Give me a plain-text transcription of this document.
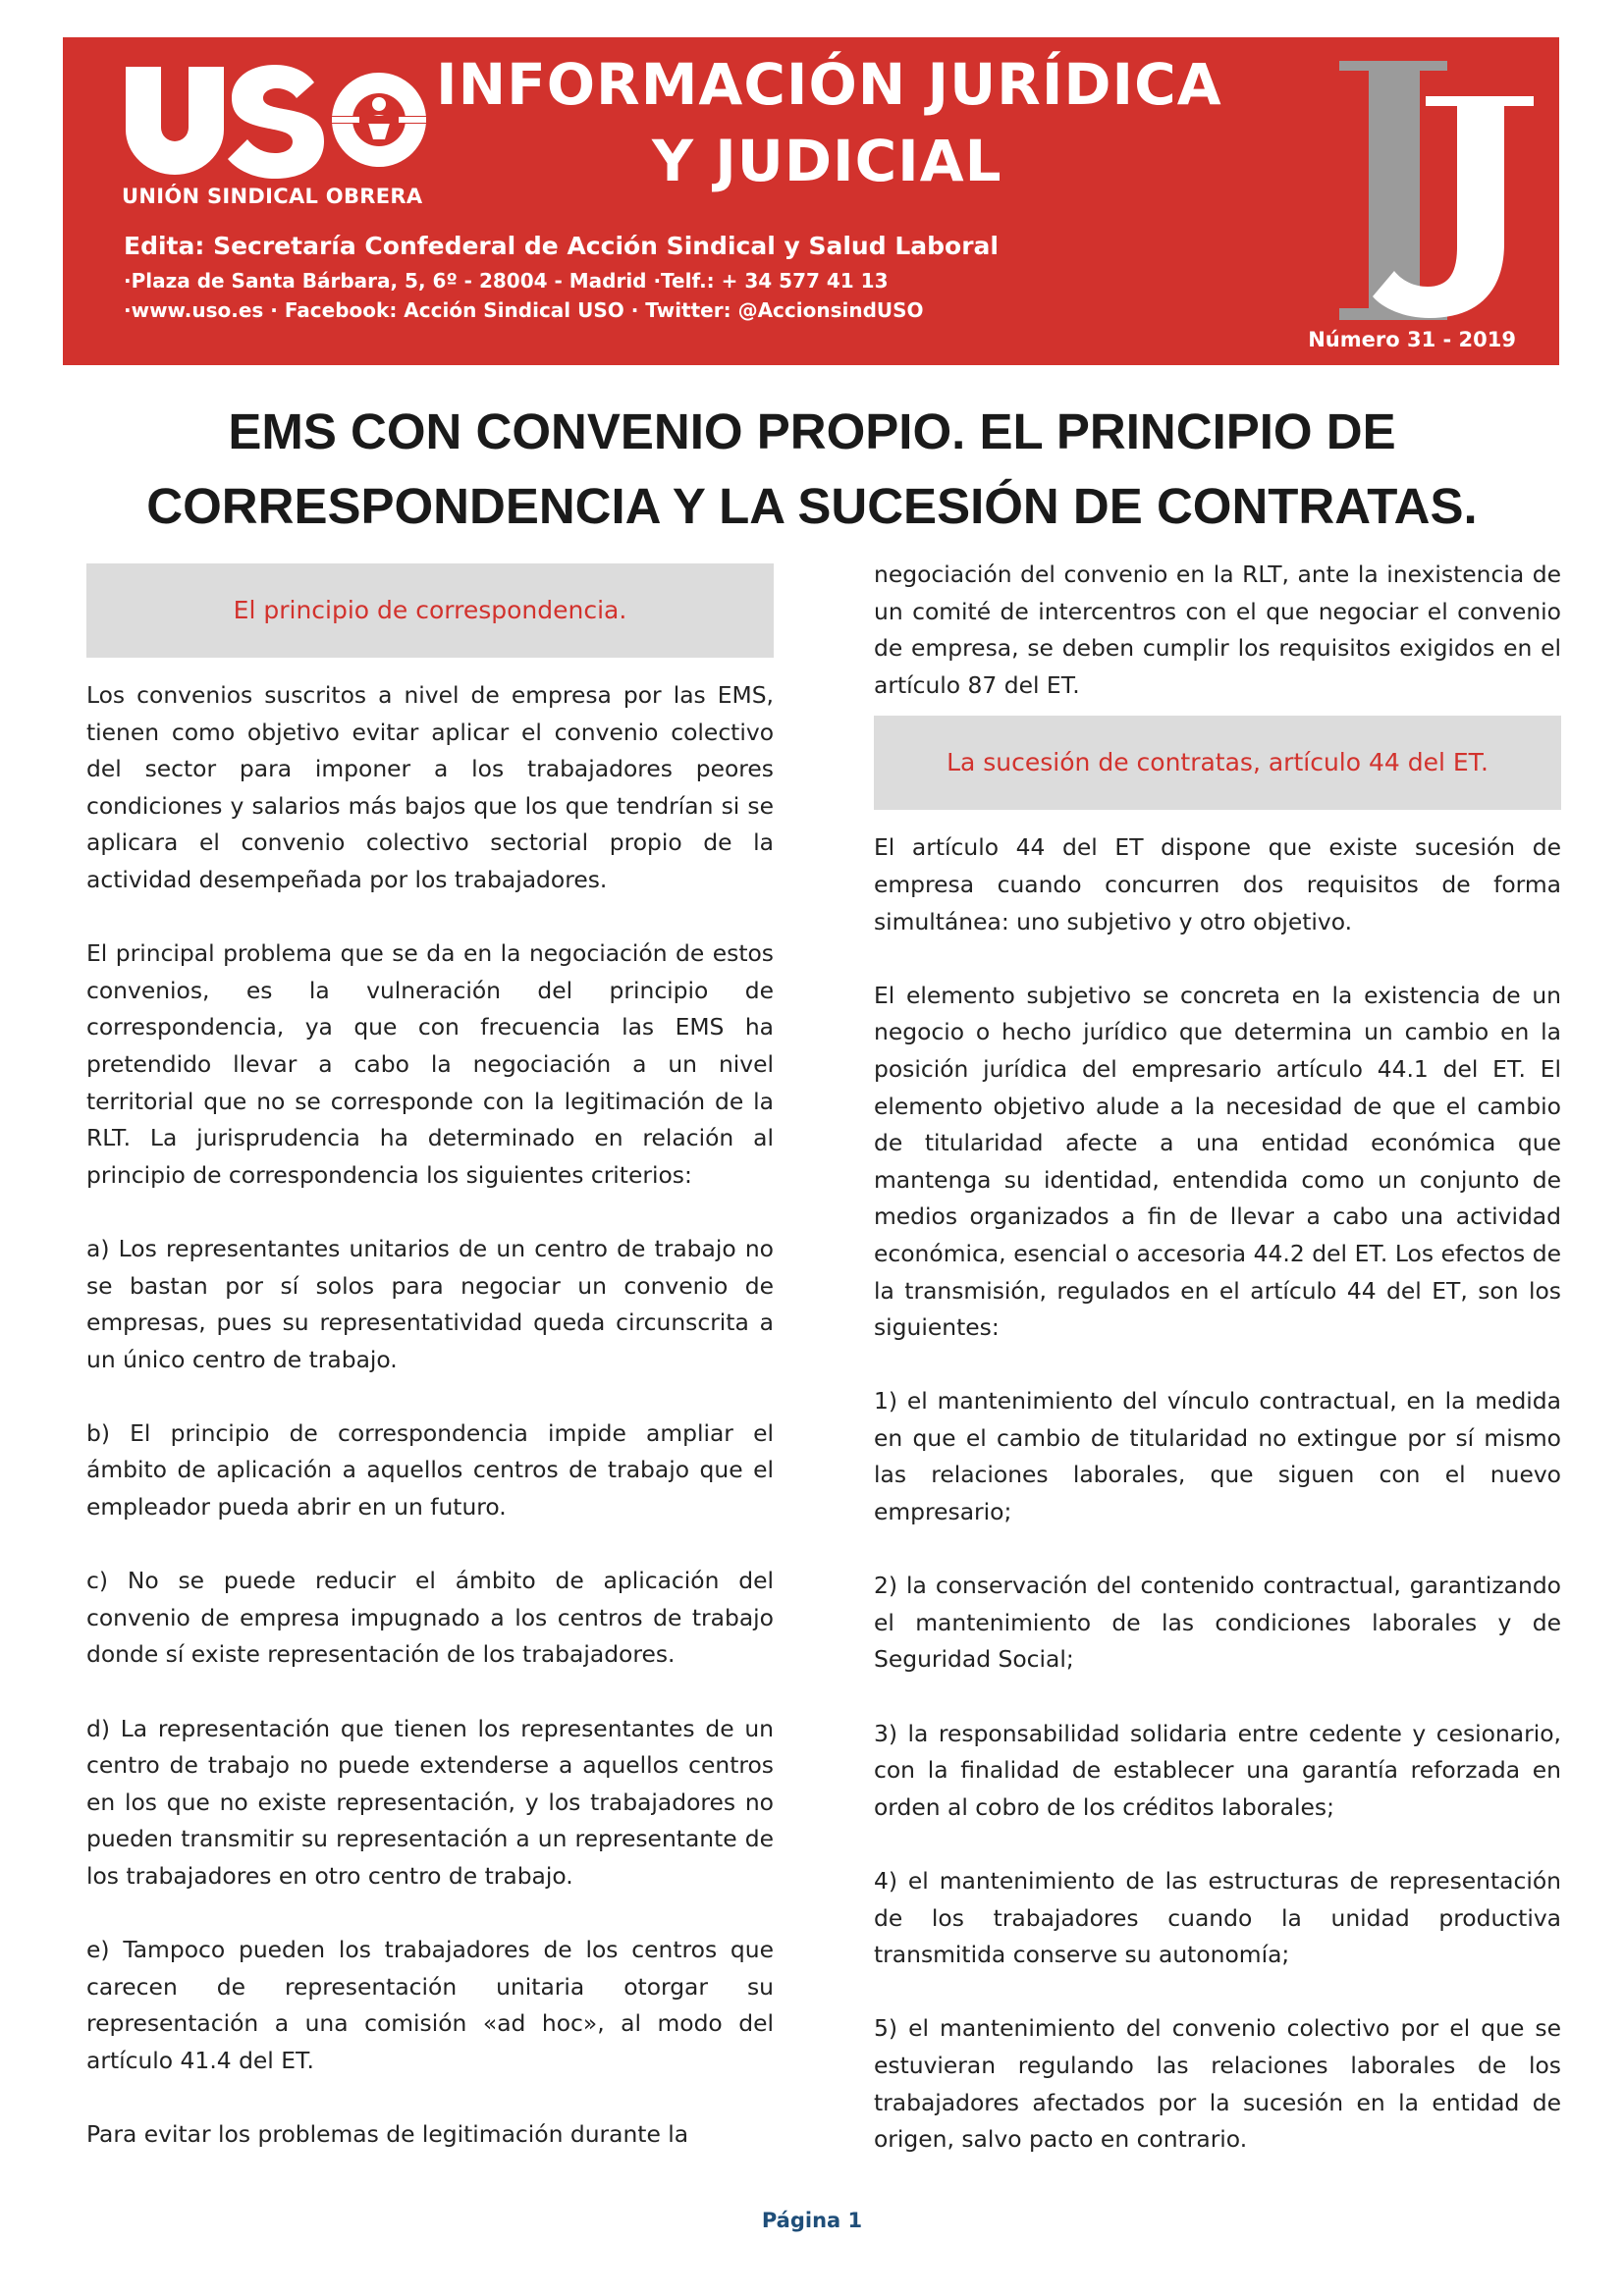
UNIÓN SINDICAL OBRERA
INFORMACIÓN JURÍDICA
Y JUDICIAL
Edita: Secretaría Confederal de Acción Sindical y Salud Laboral
·Plaza de Santa Bárbara, 5, 6º - 28004 - Madrid ·Telf.: + 34 577 41 13
·www.uso.es · Facebook: Acción Sindical USO · Twitter: @AccionsindUSO
Número 31 - 2019
EMS CON CONVENIO PROPIO. EL PRINCIPIO DE
CORRESPONDENCIA Y LA SUCESIÓN DE CONTRATAS.
El principio de correspondencia.

Los convenios suscritos a nivel de empresa por las EMS, tienen como objetivo evitar aplicar el convenio colectivo del sector para imponer a los trabajadores peores condiciones y salarios más bajos que los que tendrían si se aplicara el convenio colectivo sectorial propio de la actividad desempeñada por los trabajadores.

El principal problema que se da en la negociación de estos convenios, es la vulneración del principio de correspondencia, ya que con frecuencia las EMS ha pretendido llevar a cabo la negociación a un nivel territorial que no se corresponde con la legitimación de la RLT. La jurisprudencia ha determinado en relación al principio de correspondencia los siguientes criterios:

a) Los representantes unitarios de un centro de trabajo no se bastan por sí solos para negociar un convenio de empresas, pues su representatividad queda circunscrita a un único centro de trabajo.

b) El principio de correspondencia impide ampliar el ámbito de aplicación a aquellos centros de trabajo que el empleador pueda abrir en un futuro.

c) No se puede reducir el ámbito de aplicación del convenio de empresa impugnado a los centros de trabajo donde sí existe representación de los trabajadores.

d) La representación que tienen los representantes de un centro de trabajo no puede extenderse a aquellos centros en los que no existe representación, y los trabajadores no pueden transmitir su representación a un representante de los trabajadores en otro centro de trabajo.

e) Tampoco pueden los trabajadores de los centros que carecen de representación unitaria otorgar su representación a una comisión «ad hoc», al modo del artículo 41.4 del ET.

Para evitar los problemas de legitimación durante la

negociación del convenio en la RLT, ante la inexistencia de un comité de intercentros con el que negociar el convenio de empresa, se deben cumplir los requisitos exigidos en el artículo 87 del ET.

La sucesión de contratas, artículo 44 del ET.

El artículo 44 del ET dispone que existe sucesión de empresa cuando concurren dos requisitos de forma simultánea: uno subjetivo y otro objetivo.

El elemento subjetivo se concreta en la existencia de un negocio o hecho jurídico que determina un cambio en la posición jurídica del empresario artículo 44.1 del ET. El elemento objetivo alude a la necesidad de que el cambio de titularidad afecte a una entidad económica que mantenga su identidad, entendida como un conjunto de medios organizados a fin de llevar a cabo una actividad económica, esencial o accesoria 44.2 del ET. Los efectos de la transmisión, regulados en el artículo 44 del ET, son los siguientes:

1) el mantenimiento del vínculo contractual, en la medida en que el cambio de titularidad no extingue por sí mismo las relaciones laborales, que siguen con el nuevo empresario;

2) la conservación del contenido contractual, garantizando el mantenimiento de las condiciones laborales y de Seguridad Social;

3) la responsabilidad solidaria entre cedente y cesionario, con la finalidad de establecer una garantía reforzada en orden al cobro de los créditos laborales;

4) el mantenimiento de las estructuras de representación de los trabajadores cuando la unidad productiva transmitida conserve su autonomía;

5) el mantenimiento del convenio colectivo por el que se estuvieran regulando las relaciones laborales de los trabajadores afectados por la sucesión en la entidad de origen, salvo pacto en contrario.

Página 1
